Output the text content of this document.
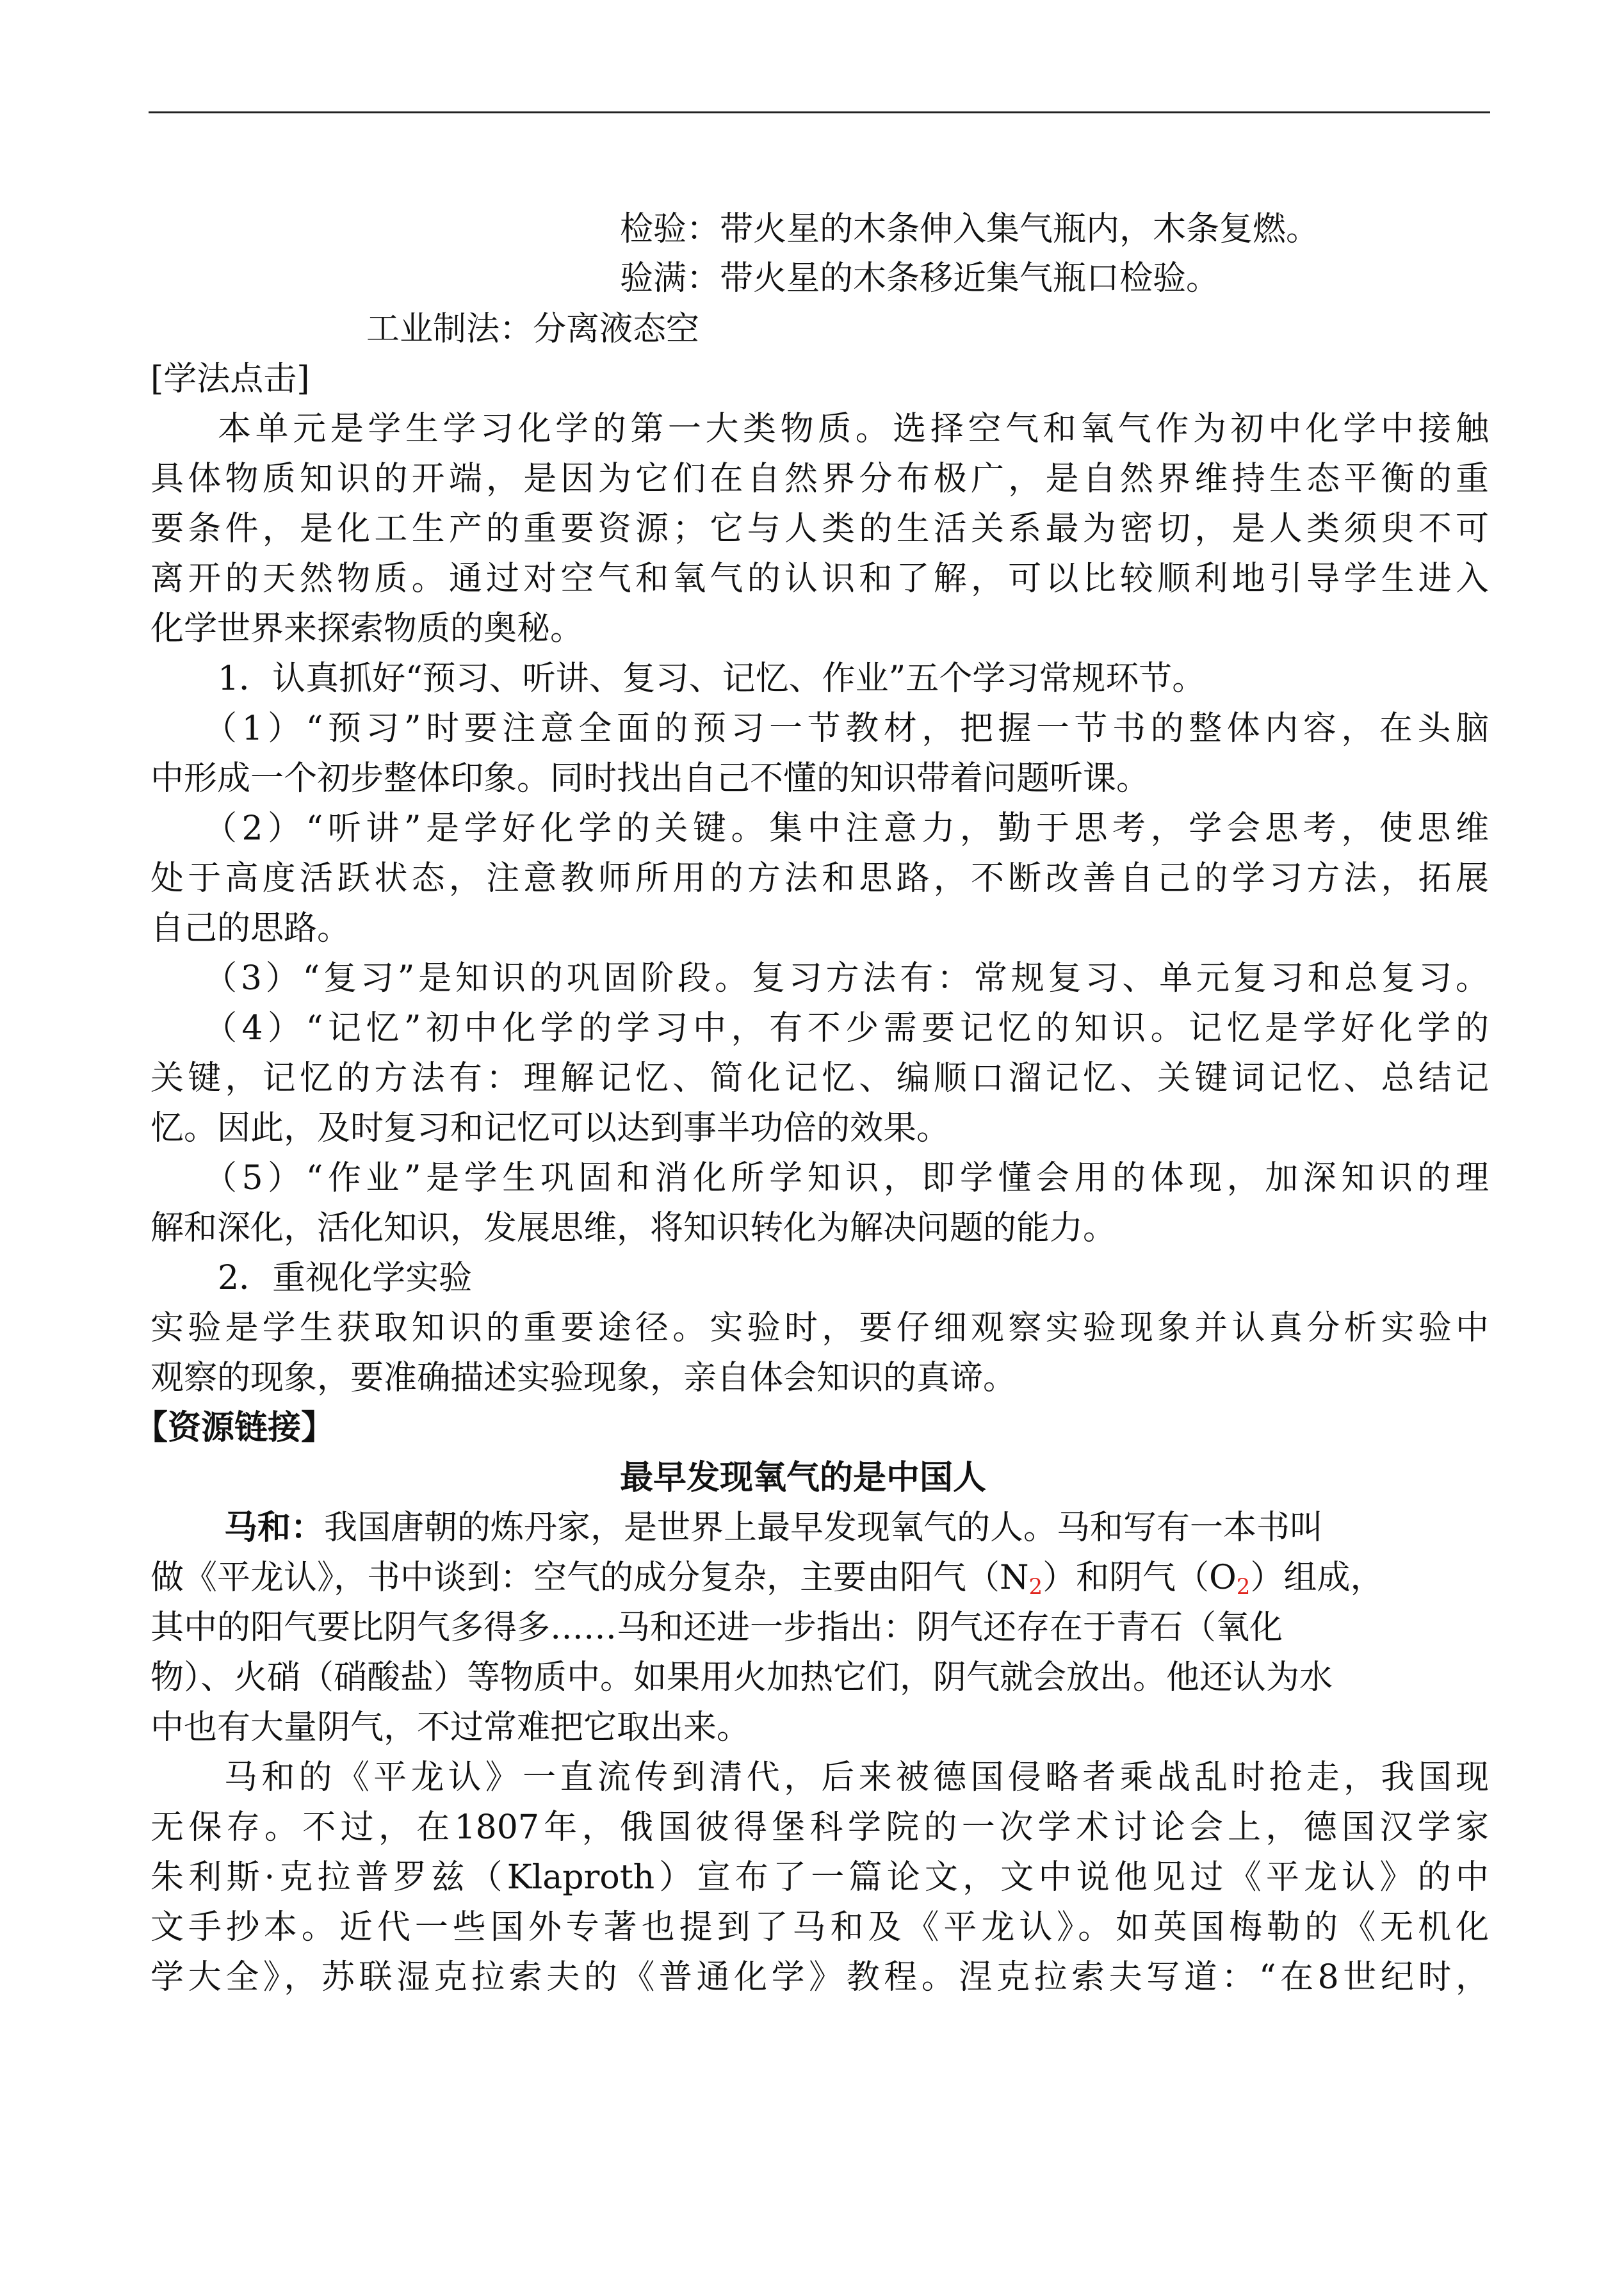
检验：带火星的木条伸入集气瓶内，木条复燃。
验满：带火星的木条移近集气瓶口检验。
工业制法：分离液态空
[学法点击]
本单元是学生学习化学的第一大类物质。选择空气和氧气作为初中化学中接触
具体物质知识的开端，是因为它们在自然界分布极广，是自然界维持生态平衡的重
要条件，是化工生产的重要资源；它与人类的生活关系最为密切，是人类须臾不可
离开的天然物质。通过对空气和氧气的认识和了解，可以比较顺利地引导学生进入
化学世界来探索物质的奥秘。
1．认真抓好“预习、听讲、复习、记忆、作业”五个学习常规环节。
（1）“预习”时要注意全面的预习一节教材，把握一节书的整体内容，在头脑
中形成一个初步整体印象。同时找出自己不懂的知识带着问题听课。
（2）“听讲”是学好化学的关键。集中注意力，勤于思考，学会思考，使思维
处于高度活跃状态，注意教师所用的方法和思路，不断改善自己的学习方法，拓展
自己的思路。
（3）“复习”是知识的巩固阶段。复习方法有：常规复习、单元复习和总复习。
（4）“记忆”初中化学的学习中，有不少需要记忆的知识。记忆是学好化学的
关键，记忆的方法有：理解记忆、简化记忆、编顺口溜记忆、关键词记忆、总结记
忆。因此，及时复习和记忆可以达到事半功倍的效果。
（5）“作业”是学生巩固和消化所学知识，即学懂会用的体现，加深知识的理
解和深化，活化知识，发展思维，将知识转化为解决问题的能力。
2．重视化学实验
实验是学生获取知识的重要途径。实验时，要仔细观察实验现象并认真分析实验中
观察的现象，要准确描述实验现象，亲自体会知识的真谛。
【资源链接】
最早发现氧气的是中国人
马和：我国唐朝的炼丹家，是世界上最早发现氧气的人。马和写有一本书叫
做《平龙认》，书中谈到：空气的成分复杂，主要由阳气$(N_2)$和阴气$(O_2)$组成，
其中的阳气要比阴气多得多……马和还进一步指出：阴气还存在于青石（氧化
物）、火硝（硝酸盐）等物质中。如果用火加热它们，阴气就会放出。他还认为水
中也有大量阴气，不过常难把它取出来。
马和的《平龙认》一直流传到清代，后来被德国侵略者乘战乱时抢走，我国现
无保存。不过，在1807年，俄国彼得堡科学院的一次学术讨论会上，德国汉学家
朱利斯·克拉普罗兹（Klaproth）宣布了一篇论文，文中说他见过《平龙认》的中
文手抄本。近代一些国外专著也提到了马和及《平龙认》。如英国梅勒的《无机化
学大全》，苏联湿克拉索夫的《普通化学》教程。涅克拉索夫写道：“在8世纪时，
